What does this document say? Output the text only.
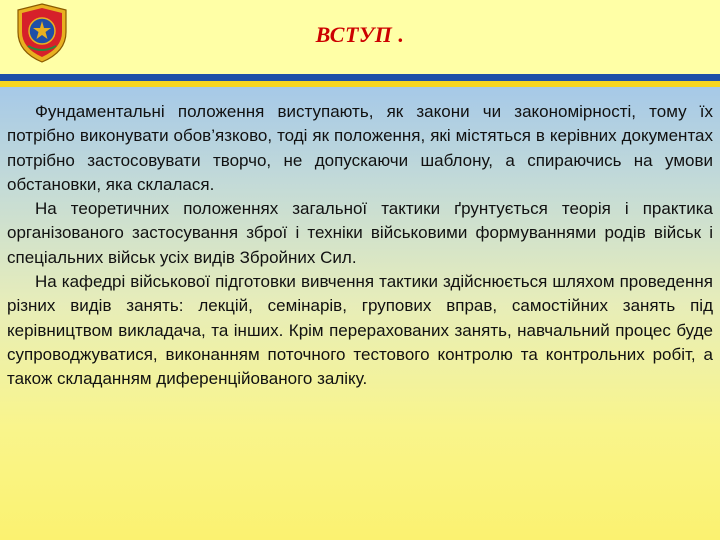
ВСТУП .

Фундаментальні положення виступають, як закони чи закономірності, тому їх потрібно виконувати обов’язково, тоді як положення, які містяться в керівних документах потрібно застосовувати творчо, не допускаючи шаблону, а спираючись на умови обстановки, яка склалася.

На теоретичних положеннях загальної тактики ґрунтується теорія і практика організованого застосування зброї і техніки військовими формуваннями родів військ і спеціальних військ усіх видів Збройних Сил.

На кафедрі військової підготовки вивчення тактики здійснюється шляхом проведення різних видів занять: лекцій, семінарів, групових вправ, самостійних занять під керівництвом викладача, та інших. Крім перерахованих занять, навчальний процес буде супроводжуватися, виконанням поточного тестового контролю та контрольних робіт, а також складанням диференційованого заліку.
